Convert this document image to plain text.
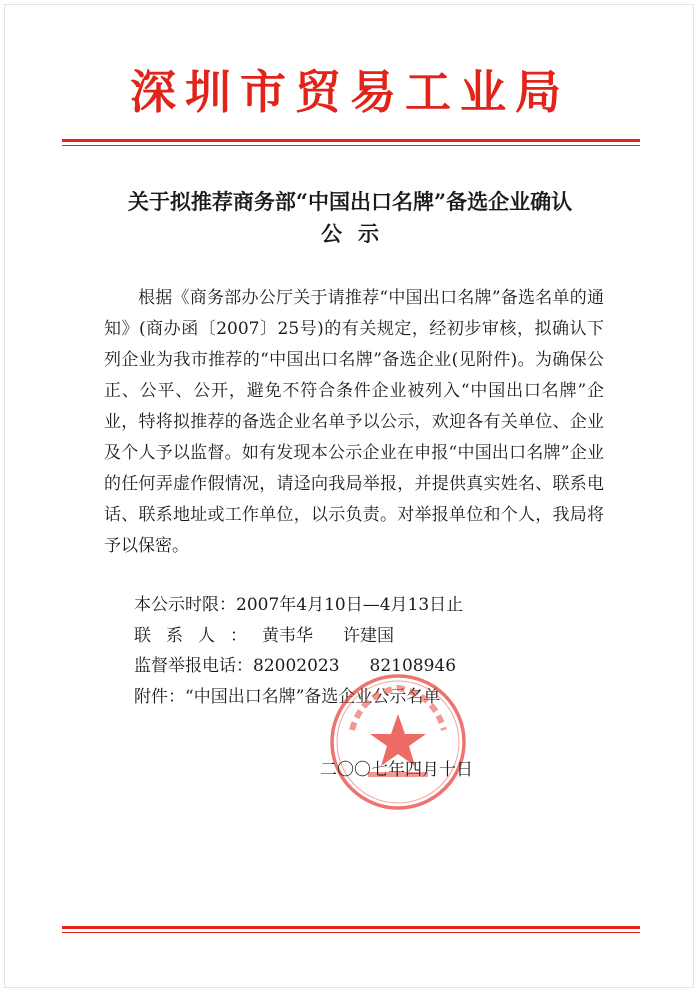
深圳市贸易工业局
关于拟推荐商务部“中国出口名牌”备选企业确认
公示

根据《商务部办公厅关于请推荐“中国出口名牌”备选名单的通知》(商办函〔2007〕25号)的有关规定，经初步审核，拟确认下列企业为我市推荐的“中国出口名牌”备选企业(见附件)。为确保公正、公平、公开，避免不符合条件企业被列入“中国出口名牌”企业，特将拟推荐的备选企业名单予以公示，欢迎各有关单位、企业及个人予以监督。如有发现本公示企业在申报“中国出口名牌”企业的任何弄虚作假情况，请迳向我局举报，并提供真实姓名、联系电话、联系地址或工作单位，以示负责。对举报单位和个人，我局将予以保密。

本公示时限：2007年4月10日—4月13日止
联系人：黄韦华 许建国
监督举报电话：82002023 82108946
附件：“中国出口名牌”备选企业公示名单
二〇〇七年四月十日
